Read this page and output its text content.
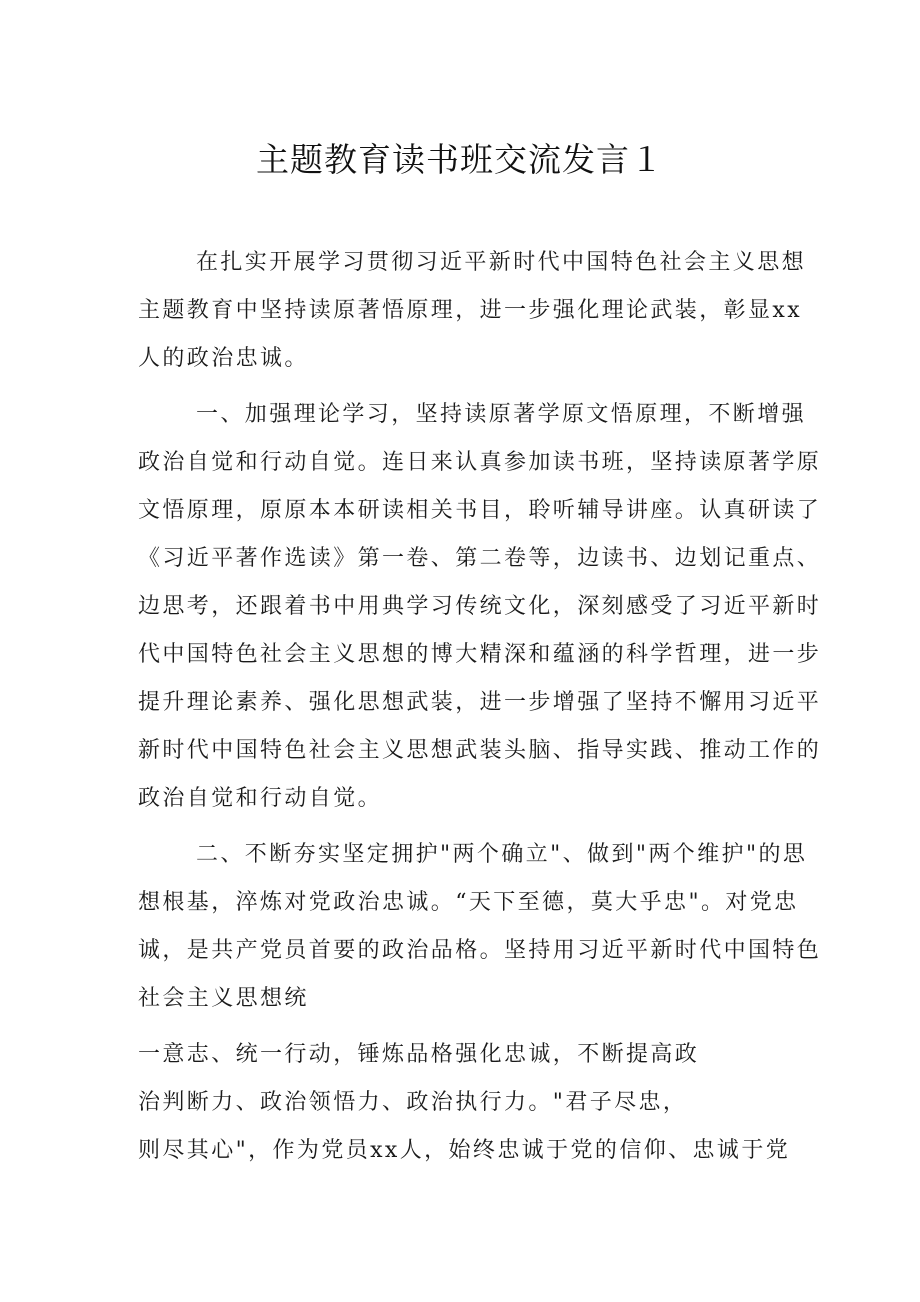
主题教育读书班交流发言１
在扎实开展学习贯彻习近平新时代中国特色社会主义思想
主题教育中坚持读原著悟原理，进一步强化理论武装，彰显xx
人的政治忠诚。
一、加强理论学习，坚持读原著学原文悟原理，不断增强
政治自觉和行动自觉。连日来认真参加读书班，坚持读原著学原
文悟原理，原原本本研读相关书目，聆听辅导讲座。认真研读了
《习近平著作选读》第一卷、第二卷等，边读书、边划记重点、
边思考，还跟着书中用典学习传统文化，深刻感受了习近平新时
代中国特色社会主义思想的博大精深和蕴涵的科学哲理，进一步
提升理论素养、强化思想武装，进一步增强了坚持不懈用习近平
新时代中国特色社会主义思想武装头脑、指导实践、推动工作的
政治自觉和行动自觉。
二、不断夯实坚定拥护"两个确立"、做到"两个维护"的思
想根基，淬炼对党政治忠诚。“天下至德，莫大乎忠"。对党忠
诚，是共产党员首要的政治品格。坚持用习近平新时代中国特色
社会主义思想统
一意志、统一行动，锤炼品格强化忠诚，不断提高政
治判断力、政治领悟力、政治执行力。"君子尽忠，
则尽其心"，作为党员xx人，始终忠诚于党的信仰、忠诚于党
